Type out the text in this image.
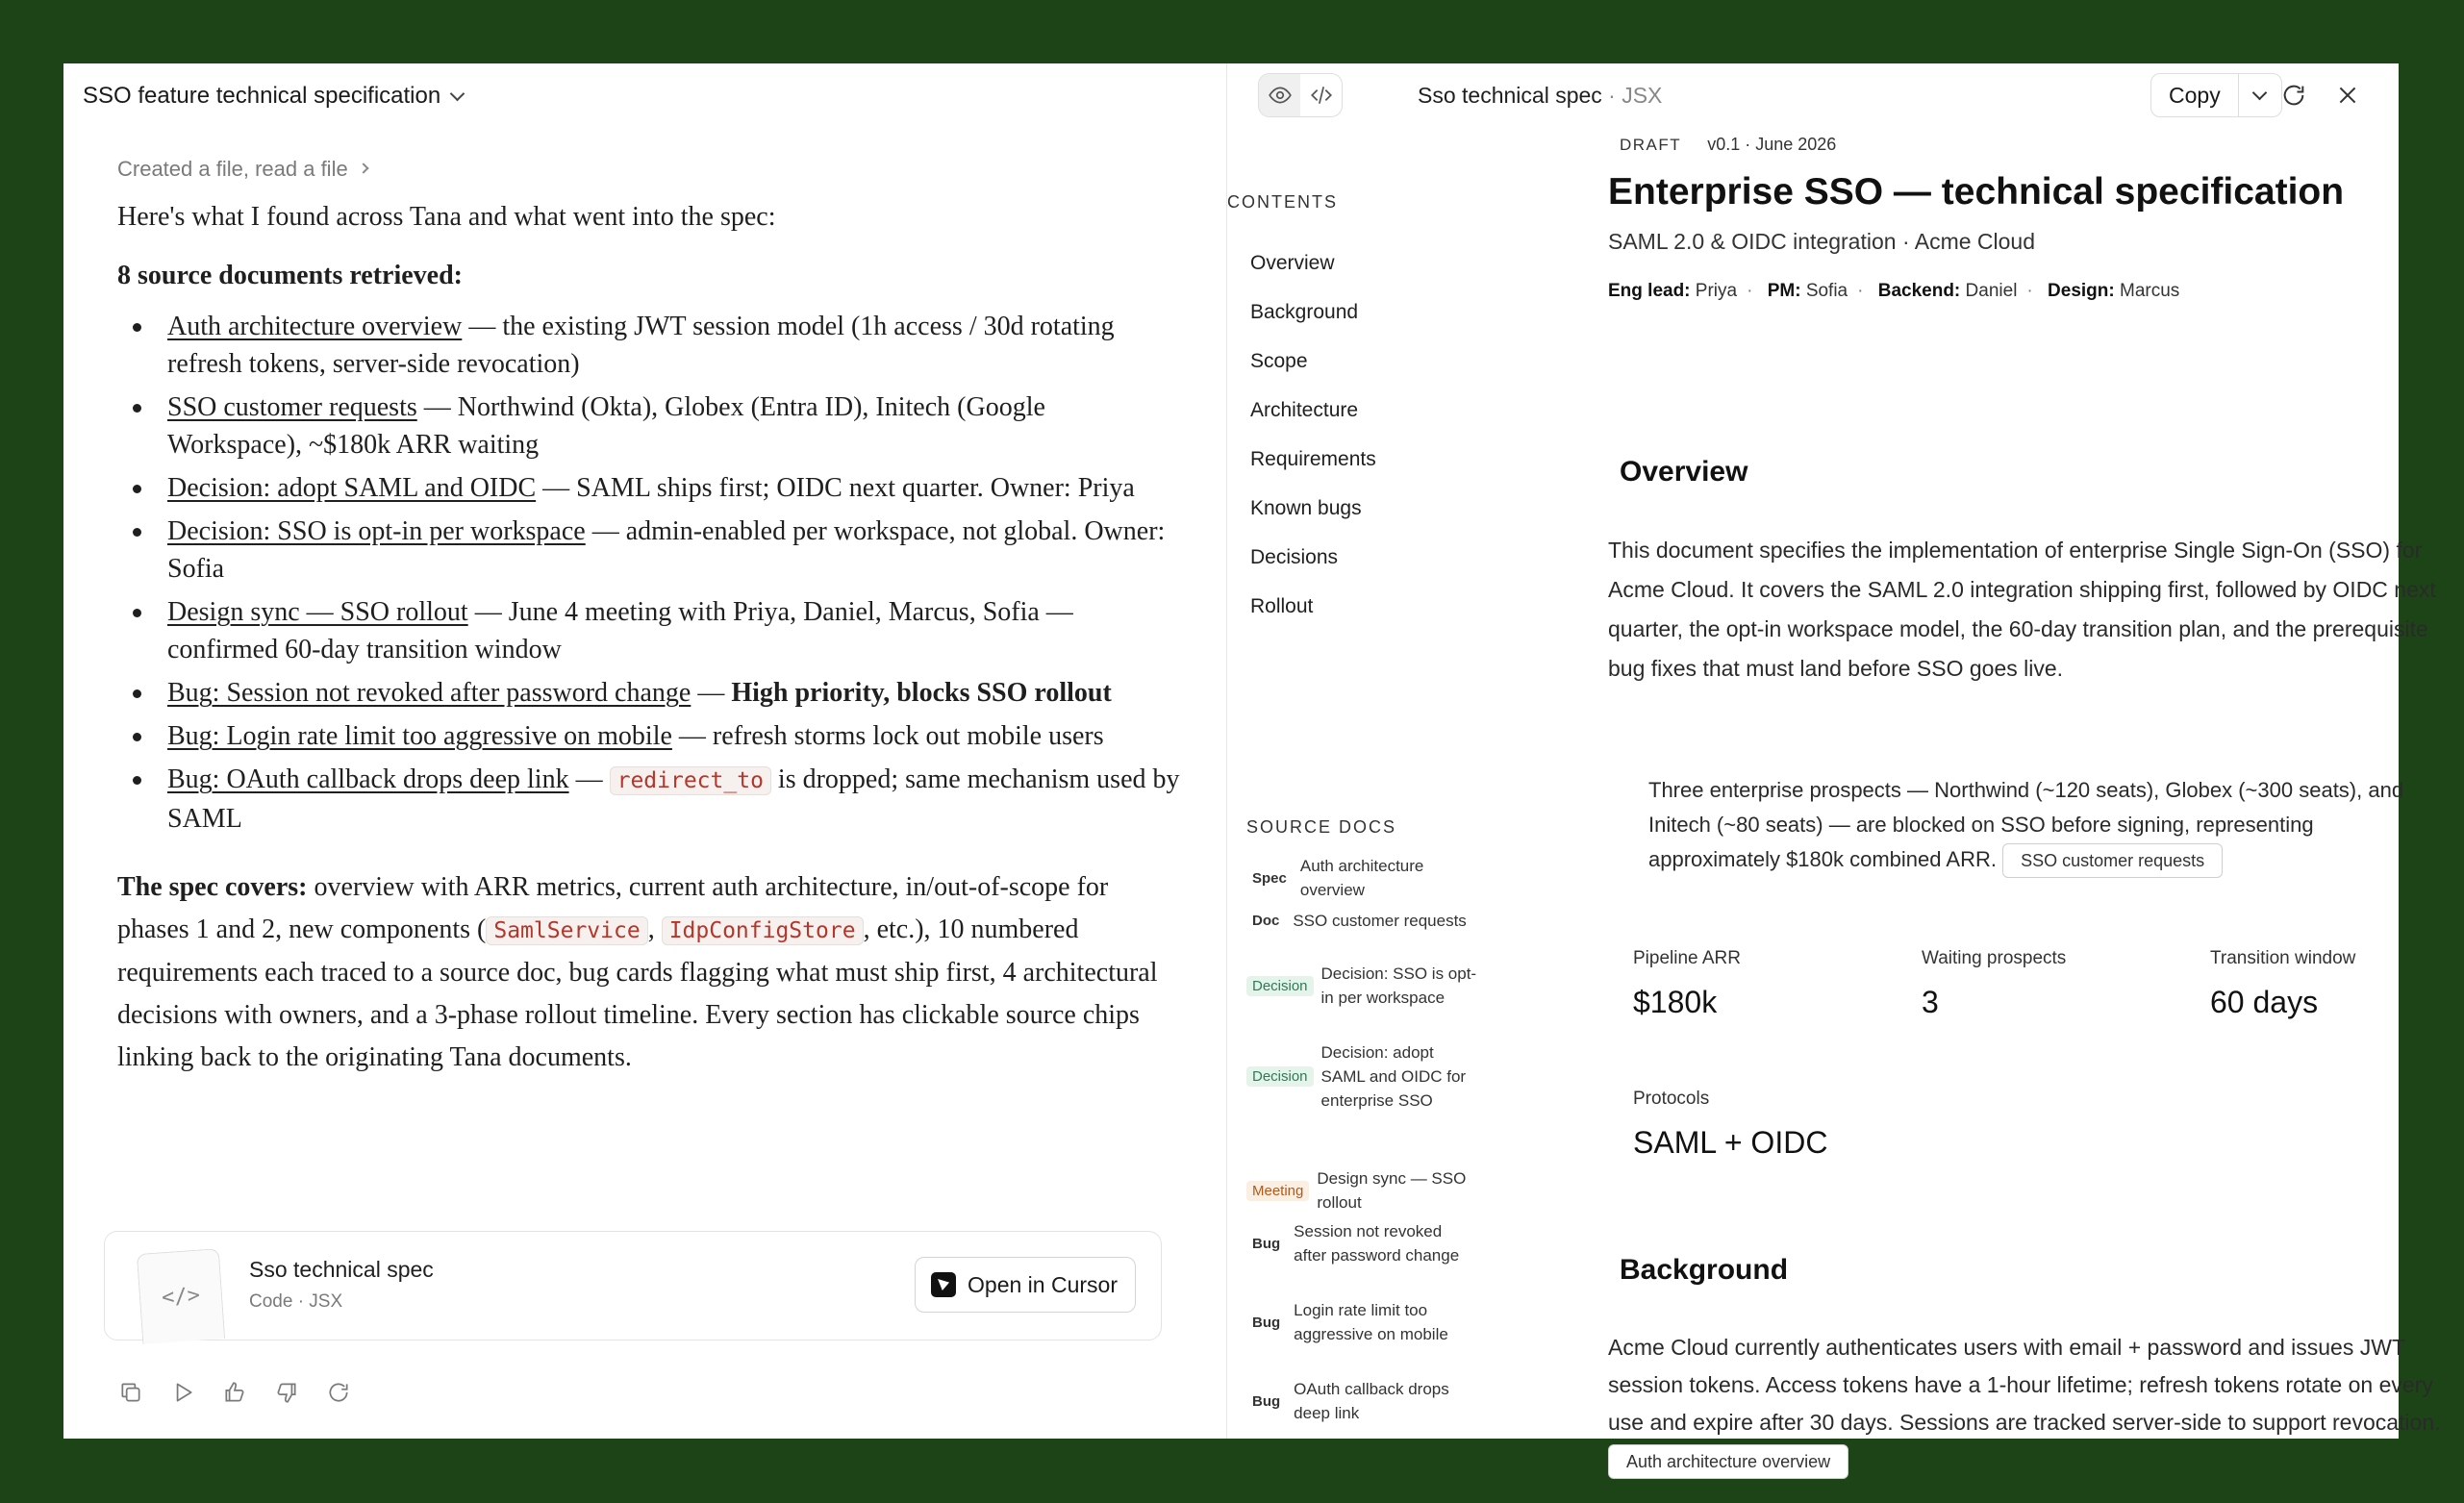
SSO feature technical specification
Created a file, read a file

Here's what I found across Tana and what went into the spec:

8 source documents retrieved:

Auth architecture overview — the existing JWT session model (1h access / 30d rotating refresh tokens, server-side revocation)
SSO customer requests — Northwind (Okta), Globex (Entra ID), Initech (Google Workspace), ~$180k ARR waiting
Decision: adopt SAML and OIDC — SAML ships first; OIDC next quarter. Owner: Priya
Decision: SSO is opt-in per workspace — admin-enabled per workspace, not global. Owner: Sofia
Design sync — SSO rollout — June 4 meeting with Priya, Daniel, Marcus, Sofia — confirmed 60-day transition window
Bug: Session not revoked after password change — High priority, blocks SSO rollout
Bug: Login rate limit too aggressive on mobile — refresh storms lock out mobile users
Bug: OAuth callback drops deep link — redirect_to is dropped; same mechanism used by SAML

The spec covers: overview with ARR metrics, current auth architecture, in/out-of-scope for phases 1 and 2, new components ( SamlService , IdpConfigStore , etc.), 10 numbered requirements each traced to a source doc, bug cards flagging what must ship first, 4 architectural decisions with owners, and a 3-phase rollout timeline. Every section has clickable source chips linking back to the originating Tana documents.

</>
Sso technical spec
Code · JSX
Open in Cursor
Sso technical spec · JSX	Copy
CONTENTS
Overview
Background
Scope
Architecture
Requirements
Known bugs
Decisions
Rollout
SOURCE DOCS
Spec
Auth architecture overview
Doc SSO customer requests
Decision
Decision: SSO is opt-in per workspace
Decision
Decision: adopt SAML and OIDC for enterprise SSO
Meeting
Design sync — SSO rollout
Bug
Session not revoked after password change
Bug
Login rate limit too aggressive on mobile
Bug
OAuth callback drops deep link
DRAFT v0.1 · June 2026
Enterprise SSO — technical specification
SAML 2.0 & OIDC integration · Acme Cloud
Eng lead: Priya · PM: Sofia · Backend: Daniel · Design: Marcus
Overview

This document specifies the implementation of enterprise Single Sign-On (SSO) for Acme Cloud. It covers the SAML 2.0 integration shipping first, followed by OIDC next quarter, the opt-in workspace model, the 60-day transition plan, and the prerequisite bug fixes that must land before SSO goes live.

Three enterprise prospects — Northwind (~120 seats), Globex (~300 seats), and Initech (~80 seats) — are blocked on SSO before signing, representing approximately $180k combined ARR. SSO customer requests

Pipeline ARR
$180k
Waiting prospects
3
Transition window
60 days
Protocols
SAML + OIDC
Background

Acme Cloud currently authenticates users with email + password and issues JWT session tokens. Access tokens have a 1-hour lifetime; refresh tokens rotate on every use and expire after 30 days. Sessions are tracked server-side to support revocation. Auth architecture overview
